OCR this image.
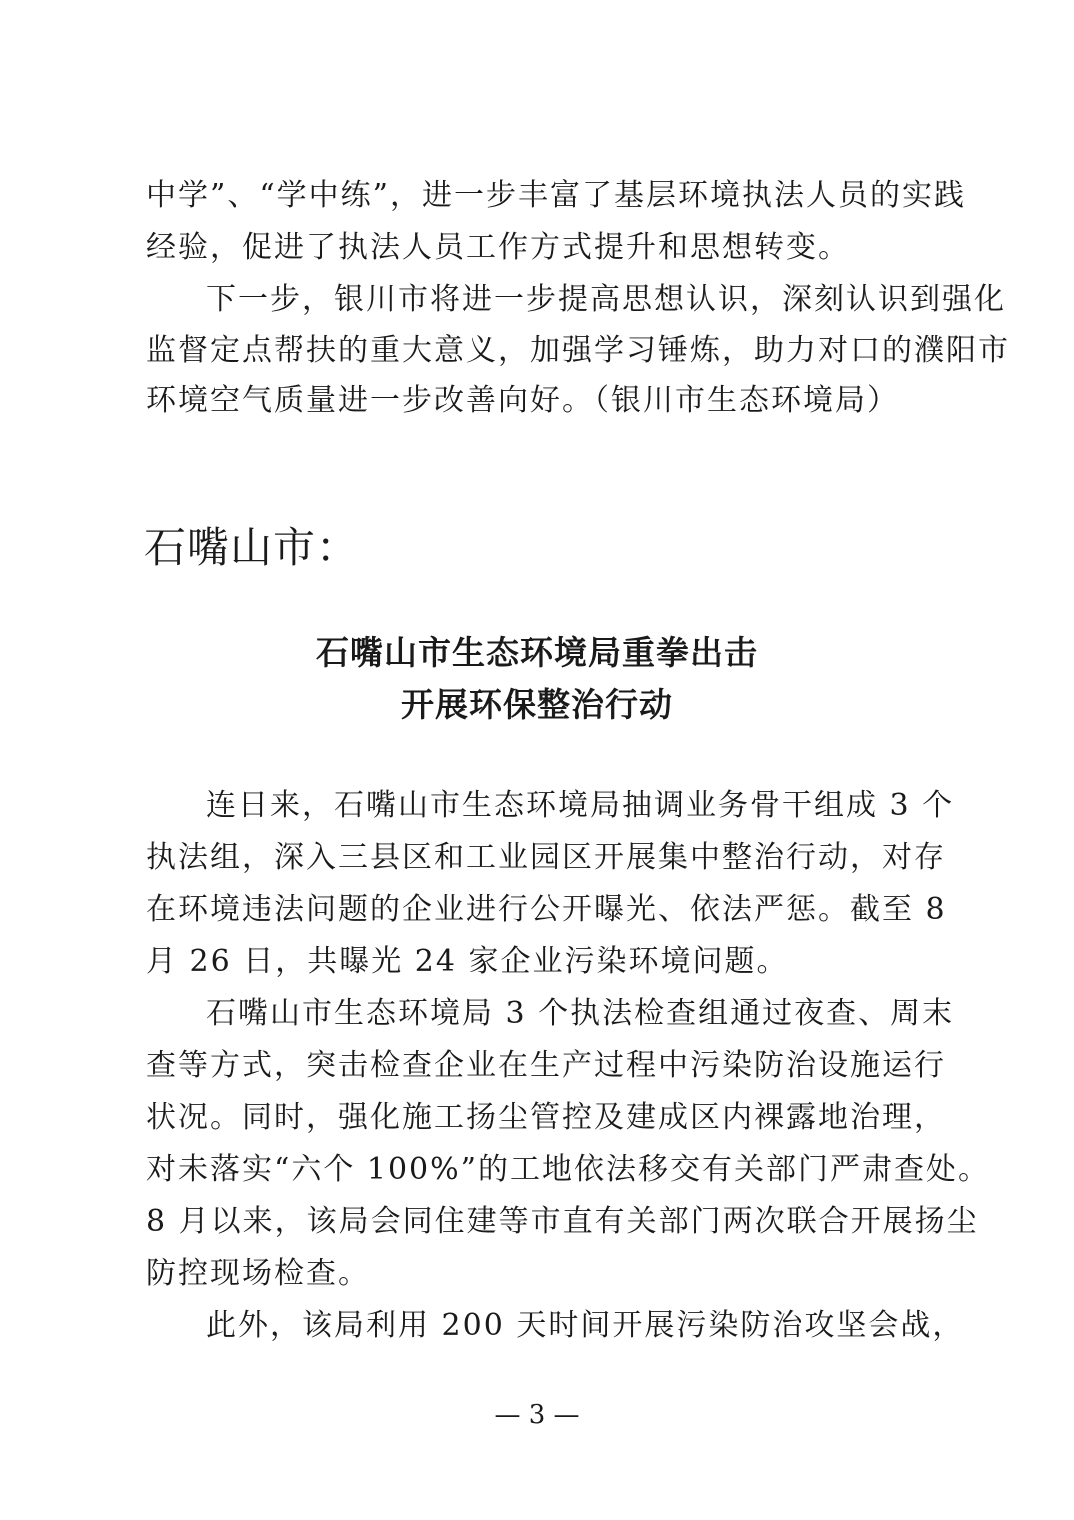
中学”、“学中练”，进一步丰富了基层环境执法人员的实践
经验，促进了执法人员工作方式提升和思想转变。
下一步，银川市将进一步提高思想认识，深刻认识到强化
监督定点帮扶的重大意义，加强学习锤炼，助力对口的濮阳市
环境空气质量进一步改善向好。（银川市生态环境局）
石嘴山市：
石嘴山市生态环境局重拳出击
开展环保整治行动
连日来，石嘴山市生态环境局抽调业务骨干组成 3 个
执法组，深入三县区和工业园区开展集中整治行动，对存
在环境违法问题的企业进行公开曝光、依法严惩。截至 8
月 26 日，共曝光 24 家企业污染环境问题。
石嘴山市生态环境局 3 个执法检查组通过夜查、周末
查等方式，突击检查企业在生产过程中污染防治设施运行
状况。同时，强化施工扬尘管控及建成区内裸露地治理，
对未落实“六个 100%”的工地依法移交有关部门严肃查处。
8 月以来，该局会同住建等市直有关部门两次联合开展扬尘
防控现场检查。
此外，该局利用 200 天时间开展污染防治攻坚会战，
— 3 —
